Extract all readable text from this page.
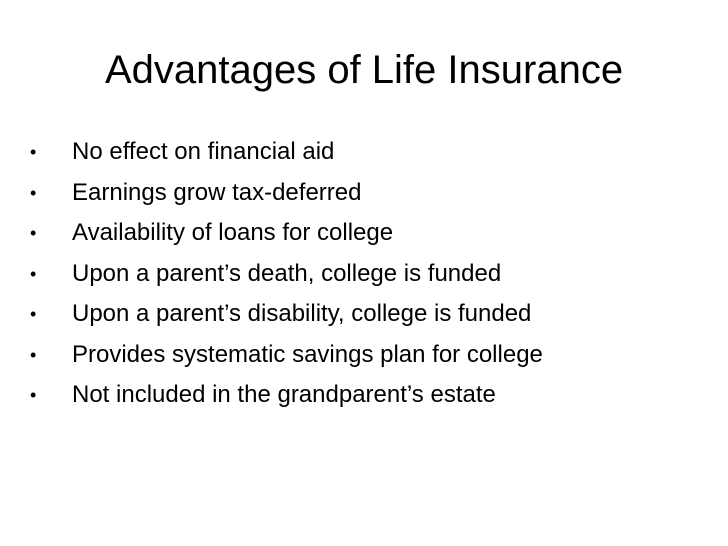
Advantages of Life Insurance
• No effect on financial aid
• Earnings grow tax-deferred
• Availability of loans for college
• Upon a parent’s death, college is funded
• Upon a parent’s disability, college is funded
• Provides systematic savings plan for college
• Not included in the grandparent’s estate
